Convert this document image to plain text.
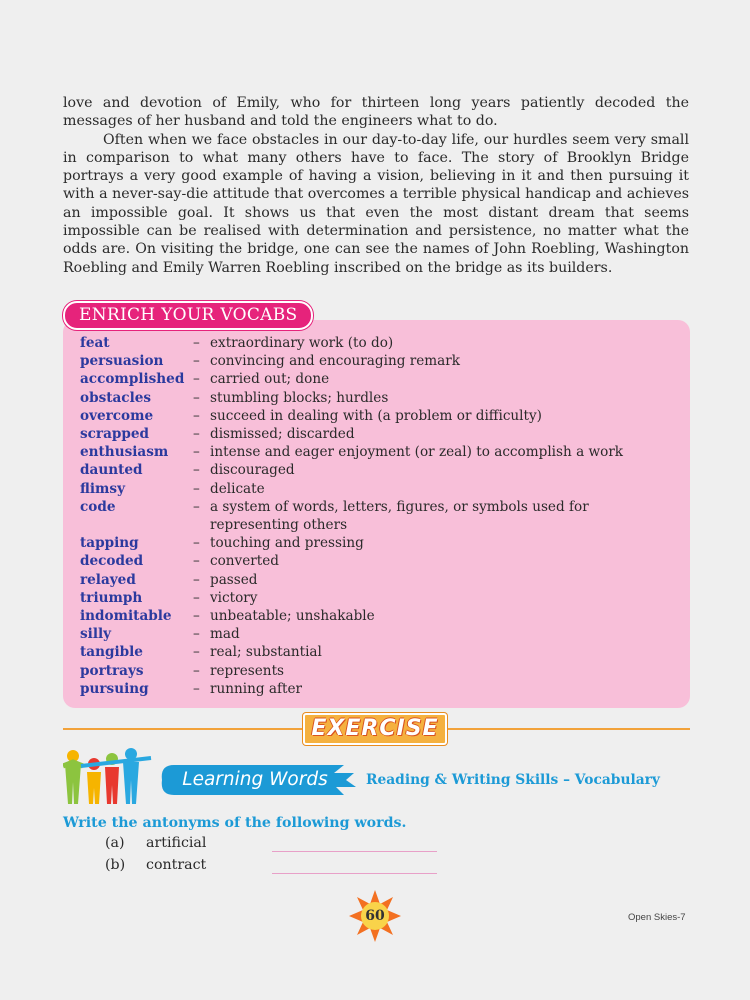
love and devotion of Emily, who for thirteen long years patiently decoded the messages of her husband and told the engineers what to do.

Often when we face obstacles in our day-to-day life, our hurdles seem very small in comparison to what many others have to face. The story of Brooklyn Bridge portrays a very good example of having a vision, believing in it and then pursuing it with a never-say-die attitude that overcomes a terrible physical handicap and achieves an impossible goal. It shows us that even the most distant dream that seems impossible can be realised with determination and persistence, no matter what the odds are. On visiting the bridge, one can see the names of John Roebling, Washington Roebling and Emily Warren Roebling inscribed on the bridge as its builders.

ENRICH YOUR VOCABS
feat	– extraordinary work (to do)
persuasion	– convincing and encouraging remark
accomplished – carried out; done
obstacles	– stumbling blocks; hurdles
overcome	– succeed in dealing with (a problem or difficulty)
scrapped	– dismissed; discarded
enthusiasm	– intense and eager enjoyment (or zeal) to accomplish a work
daunted	– discouraged
flimsy	– delicate
code	– a system of words, letters, figures, or symbols used for representing others
tapping	– touching and pressing
decoded	– converted
relayed	– passed
triumph	– victory
indomitable	– unbeatable; unshakable
silly	– mad
tangible	– real; substantial
portrays	– represents
pursuing	– running after
EXERCISE
Learning Words	Reading & Writing Skills – Vocabulary
Write the antonyms of the following words.
(a) artificial
(b) contract
60	Open Skies-7
